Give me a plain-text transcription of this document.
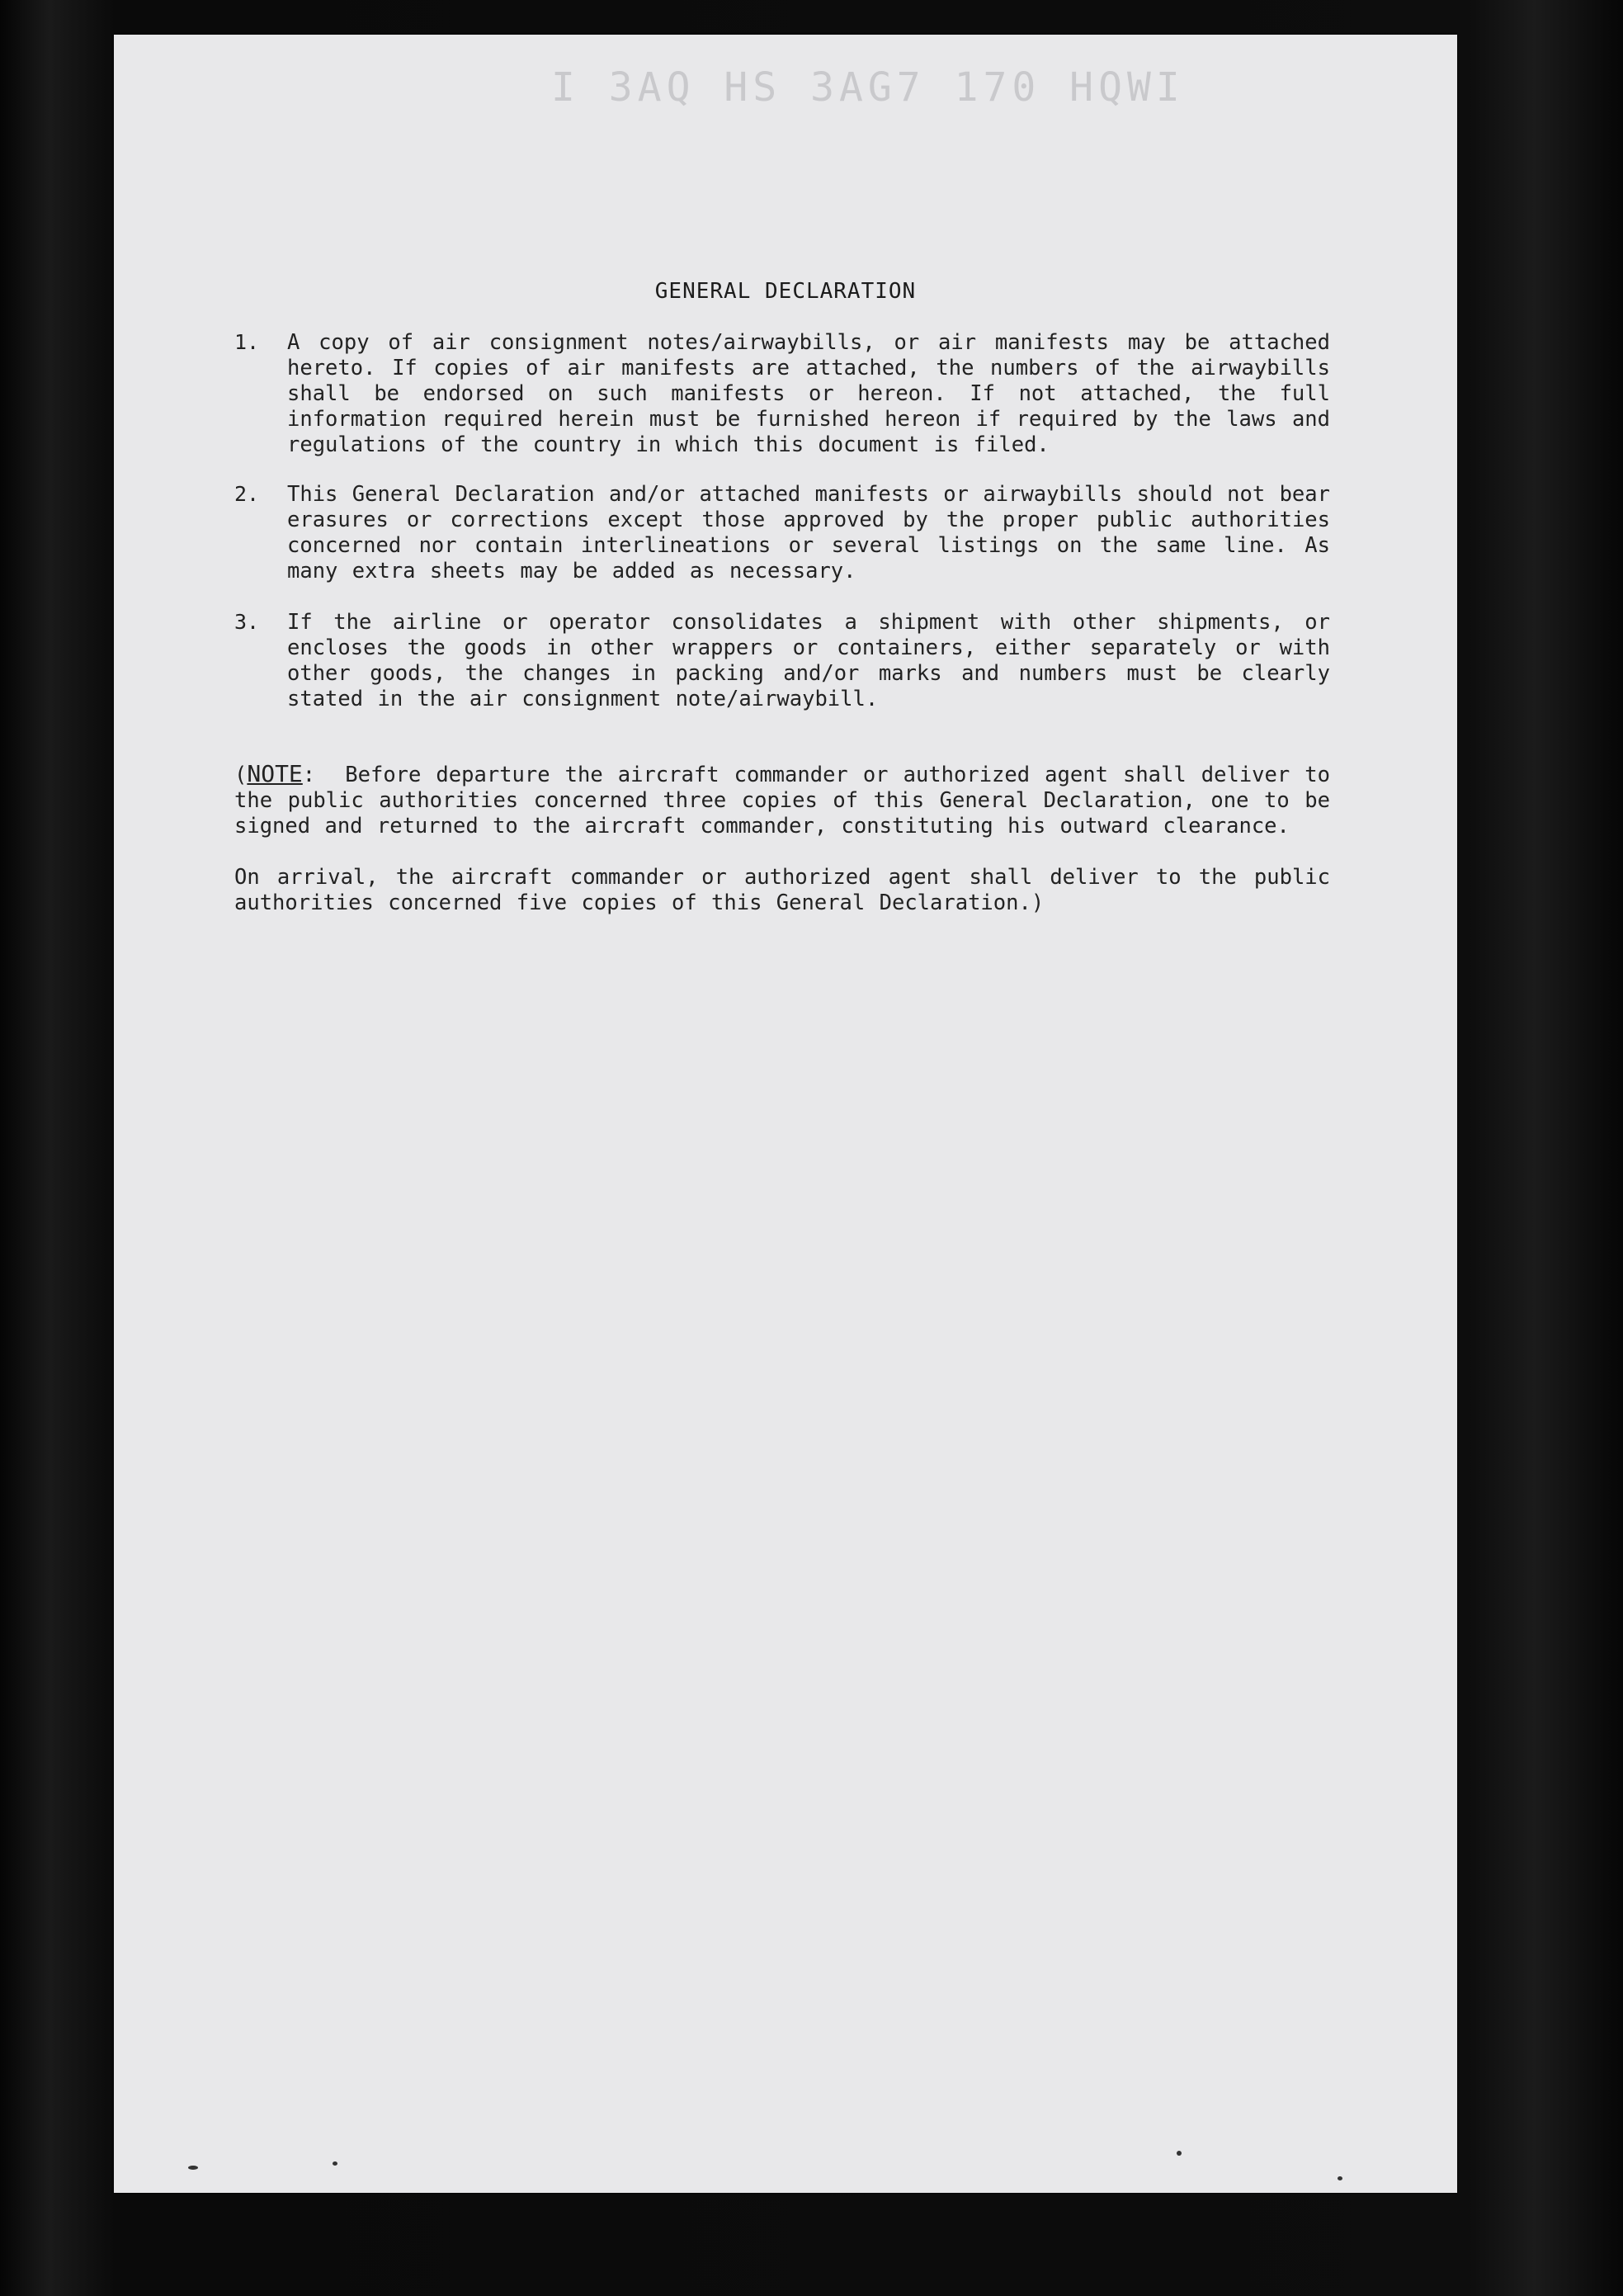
I 3AQ HS 3AG7 170 HQWI
GENERAL DECLARATION
1.	A copy of air consignment notes/airwaybills, or air manifests may be attached hereto. If copies of air manifests are attached, the numbers of the airwaybills shall be endorsed on such manifests or hereon. If not attached, the full information required herein must be furnished hereon if required by the laws and regulations of the country in which this document is filed.
2.	This General Declaration and/or attached manifests or airwaybills should not bear erasures or corrections except those approved by the proper public authorities concerned nor contain interlineations or several listings on the same line. As many extra sheets may be added as necessary.
3.	If the airline or operator consolidates a shipment with other shipments, or encloses the goods in other wrappers or containers, either separately or with other goods, the changes in packing and/or marks and numbers must be clearly stated in the air consignment note/airwaybill.
(NOTE: Before departure the aircraft commander or authorized agent shall deliver to the public authorities concerned three copies of this General Declaration, one to be signed and returned to the aircraft commander, constituting his outward clearance.
On arrival, the aircraft commander or authorized agent shall deliver to the public authorities concerned five copies of this General Declaration.)
